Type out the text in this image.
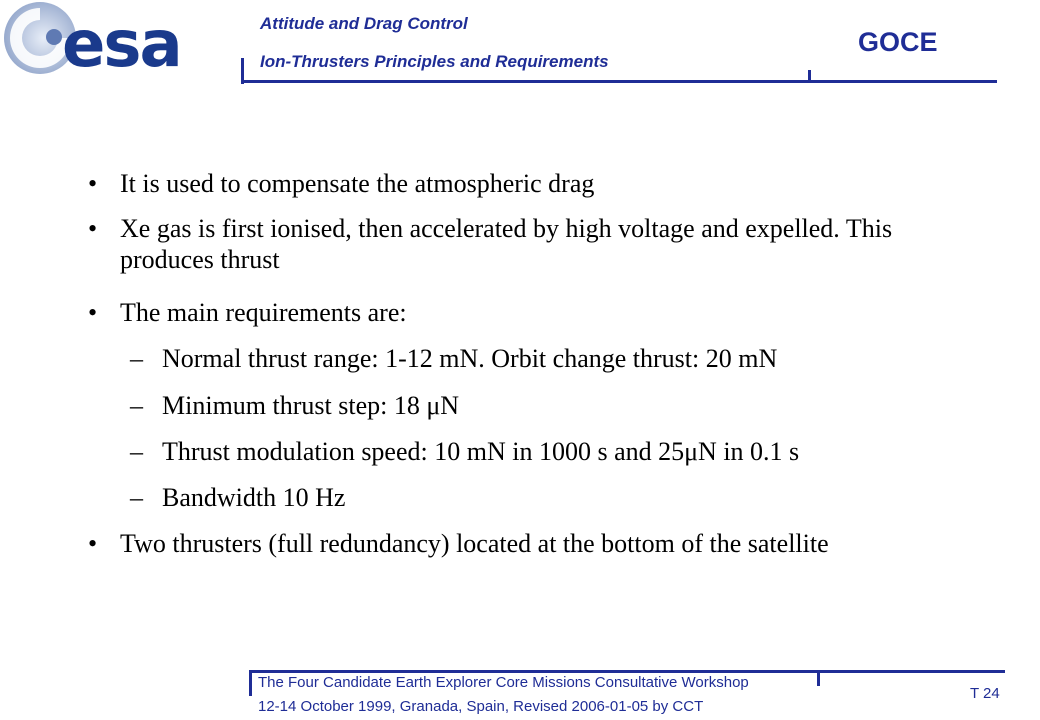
esa	Attitude and Drag Control
Ion-Thrusters Principles and Requirements
GOCE
• It is used to compensate the atmospheric drag
• Xe gas is first ionised, then accelerated by high voltage and expelled. This produces thrust
• The main requirements are:
– Normal thrust range: 1-12 mN. Orbit change thrust: 20 mN
– Minimum thrust step: 18 μN
– Thrust modulation speed: 10 mN in 1000 s and 25μN in 0.1 s
– Bandwidth 10 Hz
• Two thrusters (full redundancy) located at the bottom of the satellite
The Four Candidate Earth Explorer Core Missions Consultative Workshop
12-14 October 1999, Granada, Spain, Revised 2006-01-05 by CCT
T 24
